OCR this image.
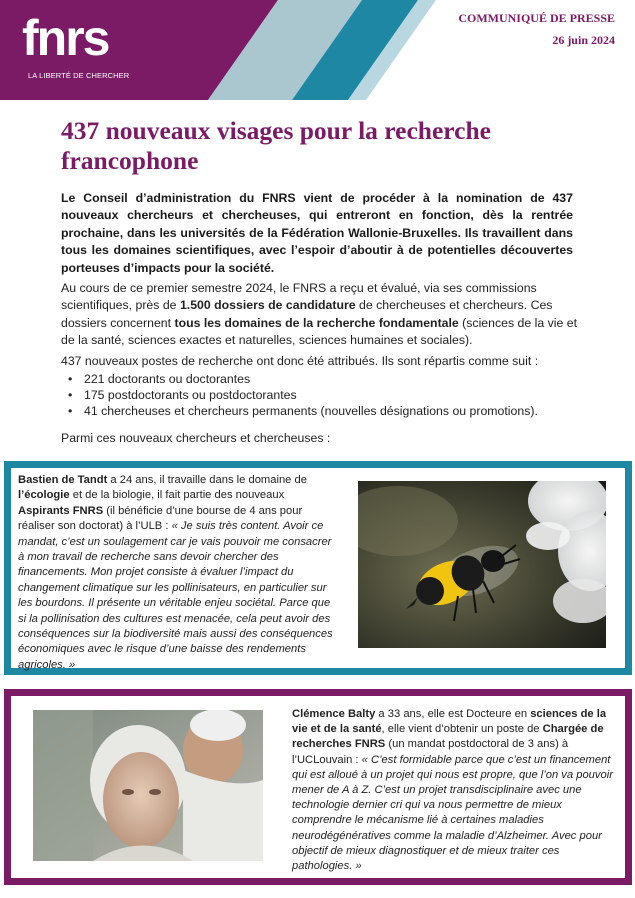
fnrs
LA LIBERTÉ DE CHERCHER
COMMUNIQUÉ DE PRESSE
26 juin 2024
437 nouveaux visages pour la recherche francophone

Le Conseil d’administration du FNRS vient de procéder à la nomination de 437 nouveaux chercheurs et chercheuses, qui entreront en fonction, dès la rentrée prochaine, dans les universités de la Fédération Wallonie-Bruxelles. Ils travaillent dans tous les domaines scientifiques, avec l’espoir d’aboutir à de potentielles découvertes porteuses d’impacts pour la société.

Au cours de ce premier semestre 2024, le FNRS a reçu et évalué, via ses commissions scientifiques, près de 1.500 dossiers de candidature de chercheuses et chercheurs. Ces dossiers concernent tous les domaines de la recherche fondamentale (sciences de la vie et de la santé, sciences exactes et naturelles, sciences humaines et sociales).

437 nouveaux postes de recherche ont donc été attribués. Ils sont répartis comme suit :

• 221 doctorants ou doctorantes
• 175 postdoctorants ou postdoctorantes
• 41 chercheuses et chercheurs permanents (nouvelles désignations ou promotions).

Parmi ces nouveaux chercheurs et chercheuses :

Bastien de Tandt a 24 ans, il travaille dans le domaine de l’écologie et de la biologie, il fait partie des nouveaux Aspirants FNRS (il bénéficie d’une bourse de 4 ans pour réaliser son doctorat) à l’ULB : « Je suis très content. Avoir ce mandat, c’est un soulagement car je vais pouvoir me consacrer à mon travail de recherche sans devoir chercher des financements. Mon projet consiste à évaluer l’impact du changement climatique sur les pollinisateurs, en particulier sur les bourdons. Il présente un véritable enjeu sociétal. Parce que si la pollinisation des cultures est menacée, cela peut avoir des conséquences sur la biodiversité mais aussi des conséquences économiques avec le risque d’une baisse des rendements agricoles. »

Clémence Balty a 33 ans, elle est Docteure en sciences de la vie et de la santé, elle vient d’obtenir un poste de Chargée de recherches FNRS (un mandat postdoctoral de 3 ans) à l’UCLouvain : « C’est formidable parce que c’est un financement qui est alloué à un projet qui nous est propre, que l’on va pouvoir mener de A à Z. C’est un projet transdisciplinaire avec une technologie dernier cri qui va nous permettre de mieux comprendre le mécanisme lié à certaines maladies neurodégénératives comme la maladie d’Alzheimer. Avec pour objectif de mieux diagnostiquer et de mieux traiter ces pathologies. »
